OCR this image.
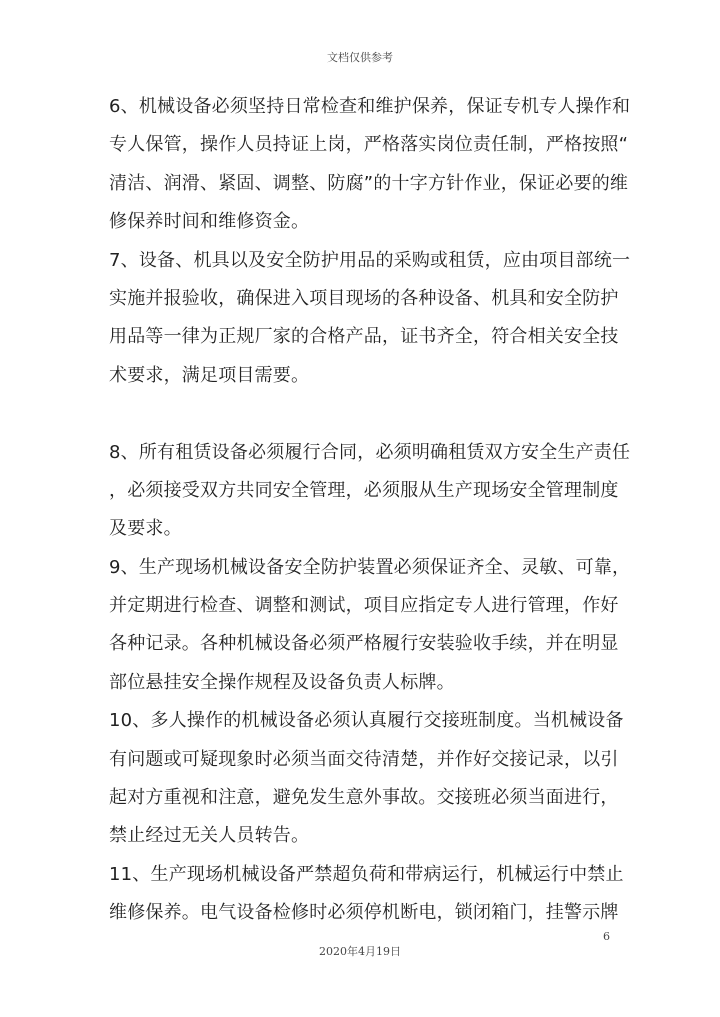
文档仅供参考
6、机械设备必须坚持日常检查和维护保养，保证专机专人操作和
专人保管，操作人员持证上岗，严格落实岗位责任制，严格按照“
清洁、润滑、紧固、调整、防腐”的十字方针作业，保证必要的维
修保养时间和维修资金。
7、设备、机具以及安全防护用品的采购或租赁，应由项目部统一
实施并报验收，确保进入项目现场的各种设备、机具和安全防护
用品等一律为正规厂家的合格产品，证书齐全，符合相关安全技
术要求，满足项目需要。
8、所有租赁设备必须履行合同，必须明确租赁双方安全生产责任
，必须接受双方共同安全管理，必须服从生产现场安全管理制度
及要求。
9、生产现场机械设备安全防护装置必须保证齐全、灵敏、可靠，
并定期进行检查、调整和测试，项目应指定专人进行管理，作好
各种记录。各种机械设备必须严格履行安装验收手续，并在明显
部位悬挂安全操作规程及设备负责人标牌。
10、多人操作的机械设备必须认真履行交接班制度。当机械设备
有问题或可疑现象时必须当面交待清楚，并作好交接记录，以引
起对方重视和注意，避免发生意外事故。交接班必须当面进行，
禁止经过无关人员转告。
11、生产现场机械设备严禁超负荷和带病运行，机械运行中禁止
维修保养。电气设备检修时必须停机断电，锁闭箱门，挂警示牌
6
2020年4月19日
